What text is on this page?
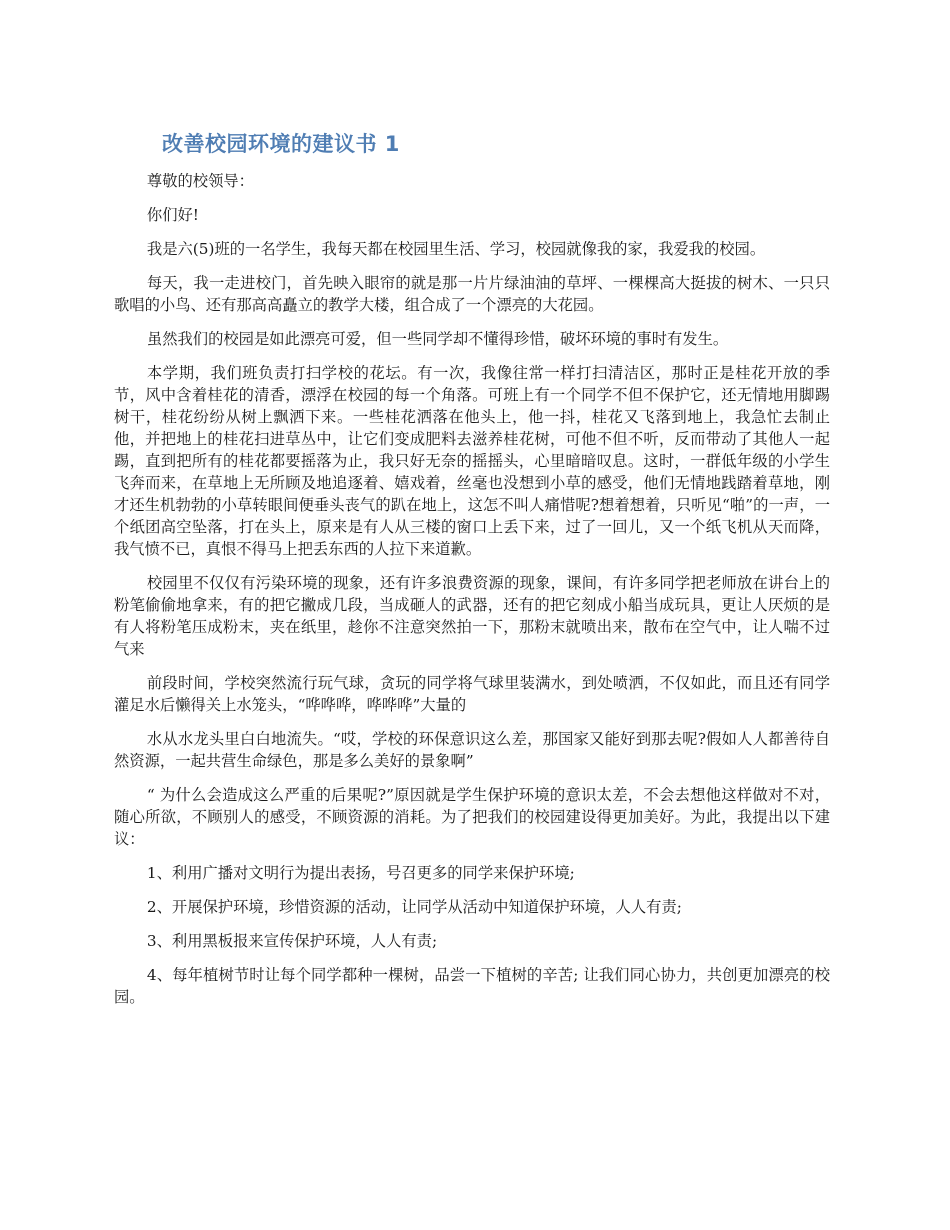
改善校园环境的建议书 1

尊敬的校领导：

你们好!

我是六(5)班的一名学生，我每天都在校园里生活、学习，校园就像我的家，我爱我的校园。

每天，我一走进校门，首先映入眼帘的就是那一片片绿油油的草坪、一棵棵高大挺拔的树木、一只只歌唱的小鸟、还有那高高矗立的教学大楼，组合成了一个漂亮的大花园。

虽然我们的校园是如此漂亮可爱，但一些同学却不懂得珍惜，破坏环境的事时有发生。

本学期，我们班负责打扫学校的花坛。有一次，我像往常一样打扫清洁区，那时正是桂花开放的季节，风中含着桂花的清香，漂浮在校园的每一个角落。可班上有一个同学不但不保护它，还无情地用脚踢树干，桂花纷纷从树上飘洒下来。一些桂花洒落在他头上，他一抖，桂花又飞落到地上，我急忙去制止他，并把地上的桂花扫进草丛中，让它们变成肥料去滋养桂花树，可他不但不听，反而带动了其他人一起踢，直到把所有的桂花都要摇落为止，我只好无奈的摇摇头，心里暗暗叹息。这时，一群低年级的小学生飞奔而来，在草地上无所顾及地追逐着、嬉戏着，丝毫也没想到小草的感受，他们无情地践踏着草地，刚才还生机勃勃的小草转眼间便垂头丧气的趴在地上，这怎不叫人痛惜呢?想着想着，只听见“啪”的一声，一个纸团高空坠落，打在头上，原来是有人从三楼的窗口上丢下来，过了一回儿，又一个纸飞机从天而降，我气愤不已，真恨不得马上把丢东西的人拉下来道歉。

校园里不仅仅有污染环境的现象，还有许多浪费资源的现象，课间，有许多同学把老师放在讲台上的粉笔偷偷地拿来，有的把它撇成几段，当成砸人的武器，还有的把它刻成小船当成玩具，更让人厌烦的是有人将粉笔压成粉末，夹在纸里，趁你不注意突然拍一下，那粉末就喷出来，散布在空气中，让人喘不过气来

前段时间，学校突然流行玩气球，贪玩的同学将气球里装满水，到处喷洒，不仅如此，而且还有同学灌足水后懒得关上水笼头，“哗哗哗，哗哗哗”大量的

水从水龙头里白白地流失。“哎，学校的环保意识这么差，那国家又能好到那去呢?假如人人都善待自然资源，一起共营生命绿色，那是多么美好的景象啊”

“ 为什么会造成这么严重的后果呢?”原因就是学生保护环境的意识太差，不会去想他这样做对不对，随心所欲，不顾别人的感受，不顾资源的消耗。为了把我们的校园建设得更加美好。为此，我提出以下建议：

1、利用广播对文明行为提出表扬，号召更多的同学来保护环境;

2、开展保护环境，珍惜资源的活动，让同学从活动中知道保护环境，人人有责;

3、利用黑板报来宣传保护环境，人人有责;

4、每年植树节时让每个同学都种一棵树，品尝一下植树的辛苦; 让我们同心协力，共创更加漂亮的校园。
